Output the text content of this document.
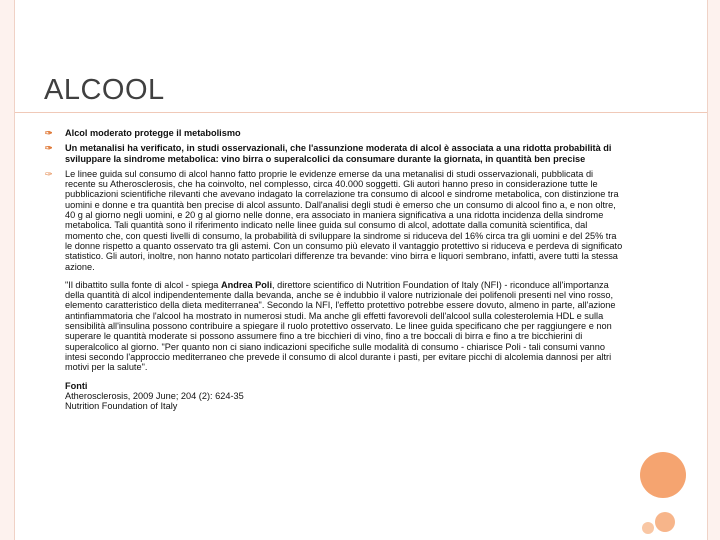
ALCOOL
✑ Alcol moderato protegge il metabolismo
✑ Un metanalisi ha verificato, in studi osservazionali, che l'assunzione moderata di alcol è associata a una ridotta probabilità di sviluppare la sindrome metabolica: vino birra o superalcolici da consumare durante la giornata, in quantità ben precise
✑ Le linee guida sul consumo di alcol hanno fatto proprie le evidenze emerse da una metanalisi di studi osservazionali, pubblicata di recente su Atherosclerosis, che ha coinvolto, nel complesso, circa 40.000 soggetti. Gli autori hanno preso in considerazione tutte le pubblicazioni scientifiche rilevanti che avevano indagato la correlazione tra consumo di alcool e sindrome metabolica, con distinzione tra uomini e donne e tra quantità ben precise di alcol assunto. Dall'analisi degli studi è emerso che un consumo di alcool fino a, e non oltre, 40 g al giorno negli uomini, e 20 g al giorno nelle donne, era associato in maniera significativa a una ridotta incidenza della sindrome metabolica. Tali quantità sono il riferimento indicato nelle linee guida sul consumo di alcol, adottate dalla comunità scientifica, dal momento che, con questi livelli di consumo, la probabilità di sviluppare la sindrome si riduceva del 16% circa tra gli uomini e del 25% tra le donne rispetto a quanto osservato tra gli astemi. Con un consumo più elevato il vantaggio protettivo si riduceva e perdeva di significato statistico. Gli autori, inoltre, non hanno notato particolari differenze tra bevande: vino birra e liquori sembrano, infatti, avere tutti la stessa azione.

"Il dibattito sulla fonte di alcol - spiega Andrea Poli, direttore scientifico di Nutrition Foundation of Italy (NFI) - riconduce all'importanza della quantità di alcol indipendentemente dalla bevanda, anche se è indubbio il valore nutrizionale dei polifenoli presenti nel vino rosso, elemento caratteristico della dieta mediterranea". Secondo la NFI, l'effetto protettivo potrebbe essere dovuto, almeno in parte, all'azione antinfiammatoria che l'alcool ha mostrato in numerosi studi. Ma anche gli effetti favorevoli dell'alcool sulla colesterolemia HDL e sulla sensibilità all'insulina possono contribuire a spiegare il ruolo protettivo osservato. Le linee guida specificano che per raggiungere e non superare le quantità moderate si possono assumere fino a tre bicchieri di vino, fino a tre boccali di birra e fino a tre bicchierini di superalcolico al giorno. "Per quanto non ci siano indicazioni specifiche sulle modalità di consumo - chiarisce Poli - tali consumi vanno intesi secondo l'approccio mediterraneo che prevede il consumo di alcol durante i pasti, per evitare picchi di alcolemia dannosi per altri motivi per la salute".

Fonti
Atherosclerosis, 2009 June; 204 (2): 624-35
Nutrition Foundation of Italy
